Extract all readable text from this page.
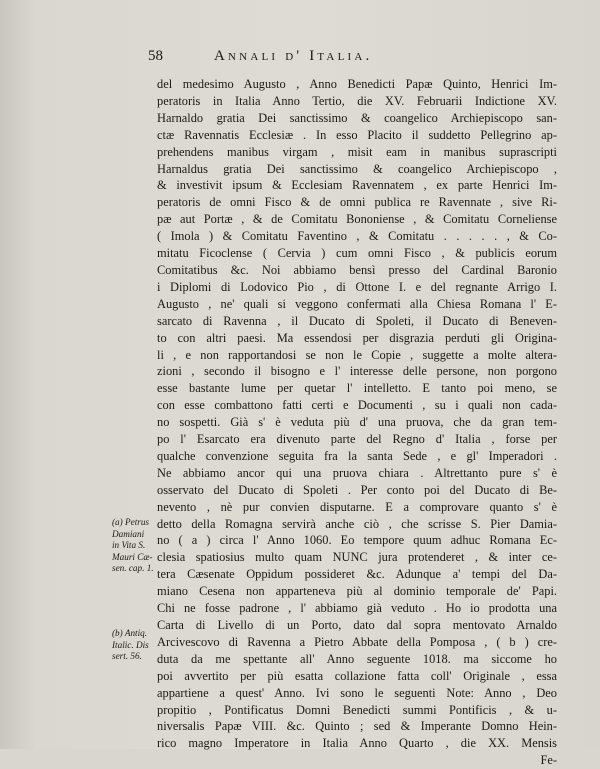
58	Annali d' Italia.
del medesimo Augusto , Anno Benedicti Papæ Quinto, Henrici Im-
peratoris in Italia Anno Tertio, die XV. Februarii Indictione XV.
Harnaldo gratia Dei sanctissimo & coangelico Archiepiscopo san-
ctæ Ravennatis Ecclesiæ . In esso Placito il suddetto Pellegrino ap-
prehendens manibus virgam , misit eam in manibus suprascripti
Harnaldus gratia Dei sanctissimo & coangelico Archiepiscopo ,
& investivit ipsum & Ecclesiam Ravennatem , ex parte Henrici Im-
peratoris de omni Fisco & de omni publica re Ravennate , sive Ri-
pæ aut Portæ , & de Comitatu Bononiense , & Comitatu Corneliense
( Imola ) & Comitatu Faventino , & Comitatu . . . . . , & Co-
mitatu Ficoclense ( Cervia ) cum omni Fisco , & publicis eorum
Comitatibus &c. Noi abbiamo bensì presso del Cardinal Baronio
i Diplomi di Lodovico Pio , di Ottone I. e del regnante Arrigo I.
Augusto , ne' quali si veggono confermati alla Chiesa Romana l' E-
sarcato di Ravenna , il Ducato di Spoleti, il Ducato di Beneven-
to con altri paesi. Ma essendosi per disgrazia perduti gli Origina-
li , e non rapportandosi se non le Copie , suggette a molte altera-
zioni , secondo il bisogno e l' interesse delle persone, non porgono
esse bastante lume per quetar l' intelletto. E tanto poi meno, se
con esse combattono fatti certi e Documenti , su i quali non cada-
no sospetti. Già s' è veduta più d' una pruova, che da gran tem-
po l' Esarcato era divenuto parte del Regno d' Italia , forse per
qualche convenzione seguita fra la santa Sede , e gl' Imperadori .
Ne abbiamo ancor qui una pruova chiara . Altrettanto pure s' è
osservato del Ducato di Spoleti . Per conto poi del Ducato di Be-
nevento , nè pur convien disputarne. E a comprovare quanto s' è
detto della Romagna servirà anche ciò , che scrisse S. Pier Damia-
no ( a ) circa l' Anno 1060. Eo tempore quum adhuc Romana Ec-
clesia spatiosius multo quam NUNC jura protenderet , & inter ce-
tera Cæsenate Oppidum possideret &c. Adunque a' tempi del Da-
miano Cesena non apparteneva più al dominio temporale de' Papi.
Chi ne fosse padrone , l' abbiamo già veduto . Ho io prodotta una
Carta di Livello di un Porto, dato dal sopra mentovato Arnaldo
Arcivescovo di Ravenna a Pietro Abbate della Pomposa , ( b ) cre-
duta da me spettante all' Anno seguente 1018. ma siccome ho
poi avvertito per più esatta collazione fatta coll' Originale , essa
appartiene a quest' Anno. Ivi sono le seguenti Note: Anno , Deo
propitio , Pontificatus Domni Benedicti summi Pontificis , & u-
niversalis Papæ VIII. &c. Quinto ; sed & Imperante Domno Hein-
rico magno Imperatore in Italia Anno Quarto , die XX. Mensis
Fe-
(a) Petrus
Damiani
in Vita S.
Mauri Cæ-
sen. cap. 1.
(b) Antiq.
Italic. Dis
sert. 56.
